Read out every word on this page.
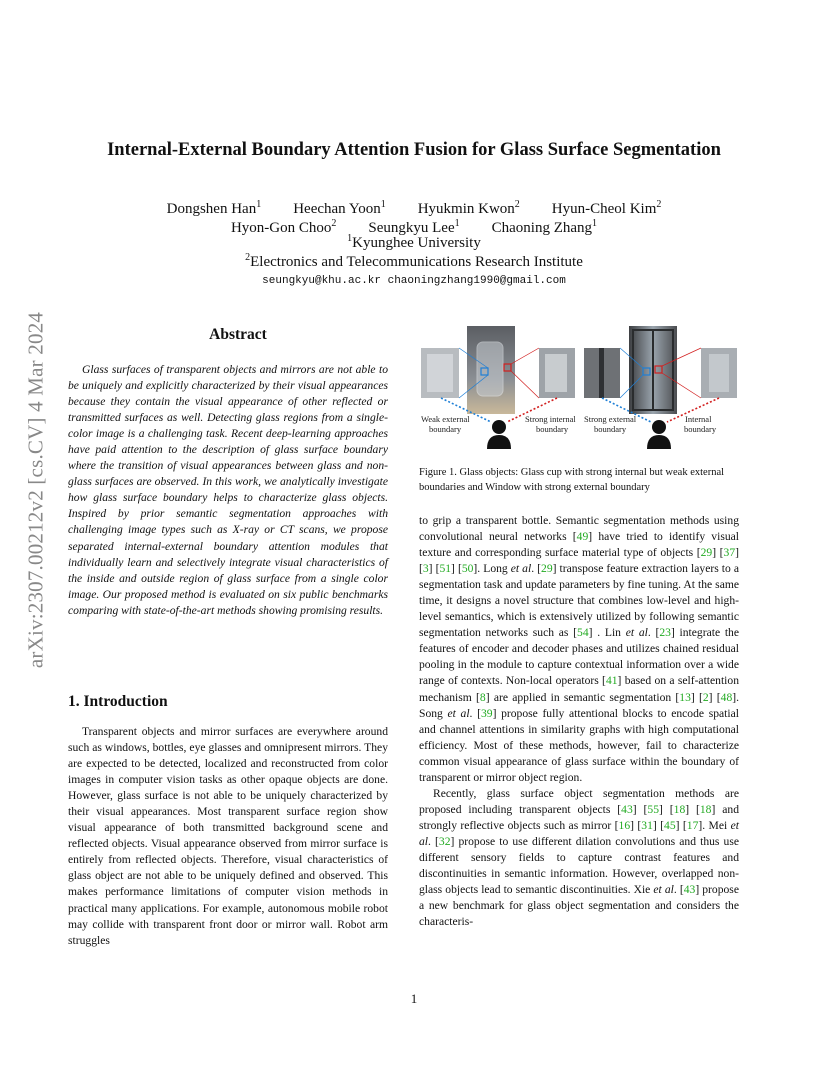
arXiv:2307.00212v2 [cs.CV] 4 Mar 2024
Internal-External Boundary Attention Fusion for Glass Surface Segmentation
Dongshen Han$^1$ Heechan Yoon$^1$ Hyukmin Kwon$^2$ Hyun-Cheol Kim$^2$
Hyon-Gon Choo$^2$ Seungkyu Lee$^1$ Chaoning Zhang$^1$
$^1$Kyunghee University
$^2$Electronics and Telecommunications Research Institute
seungkyu@khu.ac.kr chaoningzhang1990@gmail.com
Abstract
Glass surfaces of transparent objects and mirrors are not able to be uniquely and explicitly characterized by their visual appearances because they contain the visual appearance of other reflected or transmitted surfaces as well. Detecting glass regions from a single-color image is a challenging task. Recent deep-learning approaches have paid attention to the description of glass surface boundary where the transition of visual appearances between glass and non-glass surfaces are observed. In this work, we analytically investigate how glass surface boundary helps to characterize glass objects. Inspired by prior semantic segmentation approaches with challenging image types such as X-ray or CT scans, we propose separated internal-external boundary attention modules that individually learn and selectively integrate visual characteristics of the inside and outside region of glass surface from a single color image. Our proposed method is evaluated on six public benchmarks comparing with state-of-the-art methods showing promising results.
1. Introduction
Transparent objects and mirror surfaces are everywhere around such as windows, bottles, eye glasses and omnipresent mirrors. They are expected to be detected, localized and reconstructed from color images in computer vision tasks as other opaque objects are done. However, glass surface is not able to be uniquely characterized by their visual appearances. Most transparent surface region show visual appearance of both transmitted background scene and reflected objects. Visual appearance observed from mirror surface is entirely from reflected objects. Therefore, visual characteristics of glass object are not able to be uniquely defined and observed. This makes performance limitations of computer vision methods in practical many applications. For example, autonomous mobile robot may collide with transparent front door or mirror wall. Robot arm struggles
Weak external
boundary
Strong internal
boundary
Strong external
boundary
Internal
boundary
Figure 1. Glass objects: Glass cup with strong internal but weak external boundaries and Window with strong external boundary

to grip a transparent bottle. Semantic segmentation methods using convolutional neural networks [49] have tried to identify visual texture and corresponding surface material type of objects [29] [37] [3] [51] [50]. Long et al. [29] transpose feature extraction layers to a segmentation task and update parameters by fine tuning. At the same time, it designs a novel structure that combines low-level and high-level semantics, which is extensively utilized by following semantic segmentation networks such as [54] . Lin et al. [23] integrate the features of encoder and decoder phases and utilizes chained residual pooling in the module to capture contextual information over a wide range of contexts. Non-local operators [41] based on a self-attention mechanism [8] are applied in semantic segmentation [13] [2] [48]. Song et al. [39] propose fully attentional blocks to encode spatial and channel attentions in similarity graphs with high computational efficiency. Most of these methods, however, fail to characterize common visual appearance of glass surface within the boundary of transparent or mirror object region.

Recently, glass surface object segmentation methods are proposed including transparent objects [43] [55] [18] [18] and strongly reflective objects such as mirror [16] [31] [45] [17]. Mei et al. [32] propose to use different dilation convolutions and thus use different sensory fields to capture contrast features and discontinuities in semantic information. However, overlapped non-glass objects lead to semantic discontinuities. Xie et al. [43] propose a new benchmark for glass object segmentation and considers the characteris-

1
